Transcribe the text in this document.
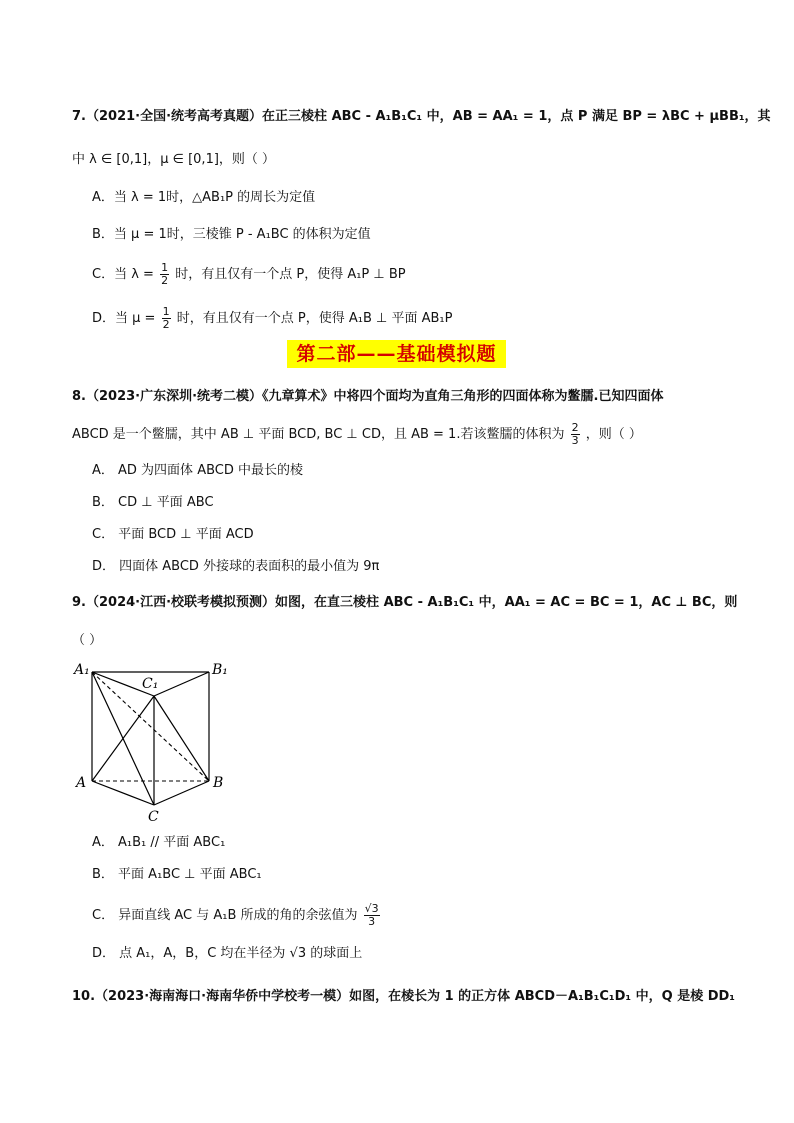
7.（2021·全国·统考高考真题）在正三棱柱 ABC - A₁B₁C₁ 中，AB = AA₁ = 1，点 P 满足 BP = λBC + μBB₁，其
中 λ ∈ [0,1]，μ ∈ [0,1]，则（ ）
A．当 λ = 1时，△AB₁P 的周长为定值
B．当 μ = 1时，三棱锥 P - A₁BC 的体积为定值
C．当 $\lambda = \frac{1}{2}$ 时，有且仅有一个点 P，使得 A₁P ⊥ BP
D．当 $\mu = \frac{1}{2}$ 时，有且仅有一个点 P，使得 A₁B ⊥ 平面 AB₁P
第二部——基础模拟题
8.（2023·广东深圳·统考二模）《九章算术》中将四个面均为直角三角形的四面体称为鳖臑.已知四面体
ABCD 是一个鳖臑，其中 AB ⊥ 平面 BCD, BC ⊥ CD，且 AB = 1.若该鳖臑的体积为 $\frac{2}{3}$ ，则（ ）
A． AD 为四面体 ABCD 中最长的棱
B． CD ⊥ 平面 ABC
C． 平面 BCD ⊥ 平面 ACD
D． 四面体 ABCD 外接球的表面积的最小值为 9π
9.（2024·江西·校联考模拟预测）如图，在直三棱柱 ABC - A₁B₁C₁ 中，AA₁ = AC = BC = 1，AC ⊥ BC，则
（ ）
A₁	B₁
C₁
A	B
C
A． A₁B₁ // 平面 ABC₁
B． 平面 A₁BC ⊥ 平面 ABC₁
C． 异面直线 AC 与 A₁B 所成的角的余弦值为 $\frac{√3}{3}$
D． 点 A₁，A，B，C 均在半径为 √3 的球面上
10.（2023·海南海口·海南华侨中学校考一模）如图，在棱长为 1 的正方体 ABCD－A₁B₁C₁D₁ 中，Q 是棱 DD₁
